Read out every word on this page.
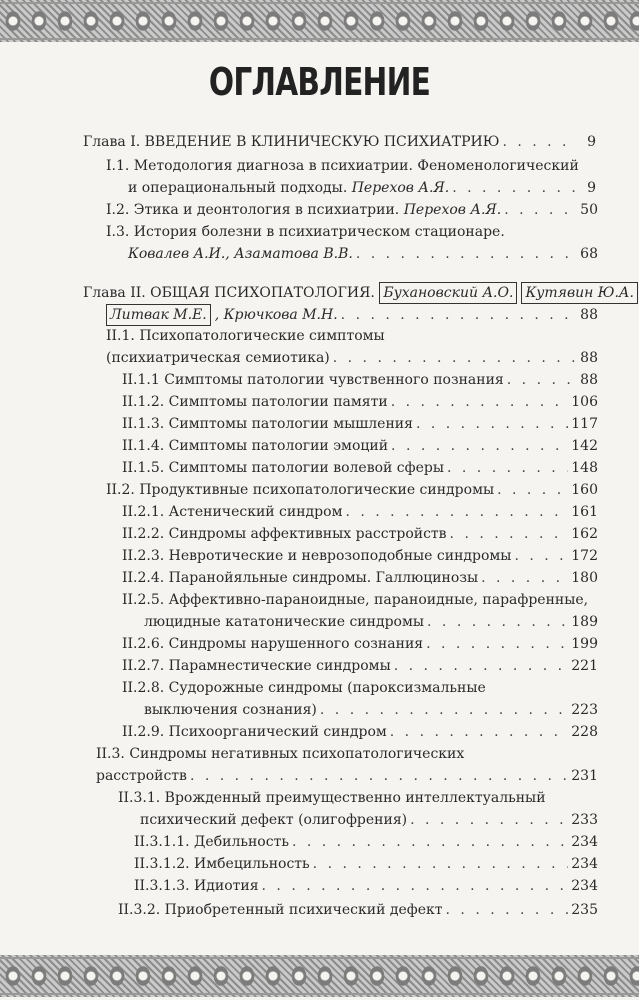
ОГЛАВЛЕНИЕ
Глава I. ВВЕДЕНИЕ В КЛИНИЧЕСКУЮ ПСИХИАТРИЮ . . .	9
I.1. Методология диагноза в психиатрии. Феноменологический
и операциональный подходы.
Перехов А.Я. . . .	9
I.2. Этика и деонтология в психиатрии.
Перехов А.Я. . . .	50
I.3. История болезни в психиатрическом стационаре.
Ковалев А.И., Азаматова В.В. . . .	68
Глава II. ОБЩАЯ ПСИХОПАТОЛОГИЯ.
Бухановский А.О. Кутявин Ю.А.
Литвак М.Е. , Крючкова М.Н. . . .	88
II.1. Психопатологические симптомы
(психиатрическая семиотика) . . .	88
II.1.1 Симптомы патологии чувственного познания . . .	88
II.1.2. Симптомы патологии памяти . . .	106
II.1.3. Симптомы патологии мышления . . .	117
II.1.4. Симптомы патологии эмоций . . .	142
II.1.5. Симптомы патологии волевой сферы . . .	148
II.2. Продуктивные психопатологические синдромы . . .	160
II.2.1. Астенический синдром . . .	161
II.2.2. Синдромы аффективных расстройств . . .	162
II.2.3. Невротические и неврозоподобные синдромы . . .	172
II.2.4. Паранойяльные синдромы. Галлюцинозы . . .	180
II.2.5. Аффективно-параноидные, параноидные, парафренные,
люцидные кататонические синдромы . . .	189
II.2.6. Синдромы нарушенного сознания . . .	199
II.2.7. Парамнестические синдромы . . .	221
II.2.8. Судорожные синдромы (пароксизмальные
выключения сознания) . . .	223
II.2.9. Психоорганический синдром . . .	228
II.3. Синдромы негативных психопатологических
расстройств . . .	231
II.3.1. Врожденный преимущественно интеллектуальный
психический дефект (олигофрения) . . .	233
II.3.1.1. Дебильность . . .	234
II.3.1.2. Имбецильность . . .	234
II.3.1.3. Идиотия . . .	234
II.3.2. Приобретенный психический дефект . . .	235
